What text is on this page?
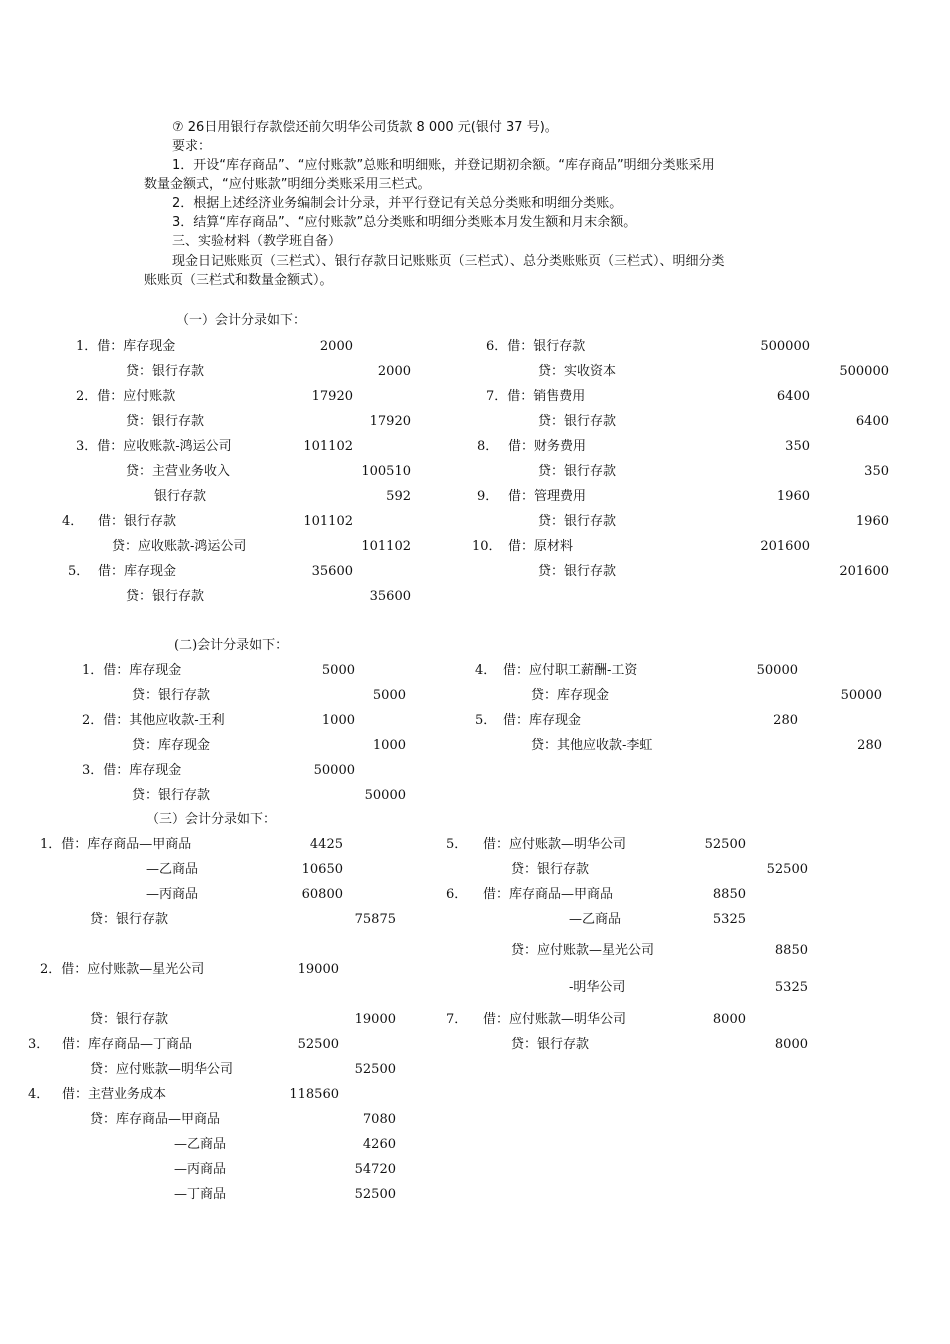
⑦ 26日用银行存款偿还前欠明华公司货款 8 000 元(银付 37 号)。
要求：
1．开设“库存商品”、“应付账款”总账和明细账，并登记期初余额。“库存商品”明细分类账采用
数量金额式，“应付账款”明细分类账采用三栏式。
2．根据上述经济业务编制会计分录，并平行登记有关总分类账和明细分类账。
3．结算“库存商品”、“应付账款”总分类账和明细分类账本月发生额和月末余额。
三、实验材料（教学班自备）
现金日记账账页（三栏式）、银行存款日记账账页（三栏式）、总分类账账页（三栏式）、明细分类
账账页（三栏式和数量金额式）。
（一）会计分录如下：
1．借：库存现金	2000
贷：银行存款	2000
2．借：应付账款	17920
贷：银行存款	17920
3．借：应收账款-鸿运公司	101102
贷：主营业务收入	100510
银行存款	592
4． 借：银行存款	101102
贷：应收账款-鸿运公司	101102
5． 借：库存现金	35600
贷：银行存款	35600
6．借：银行存款	500000
贷：实收资本	500000
7．借：销售费用	6400
贷：银行存款	6400
8． 借：财务费用	350
贷：银行存款	350
9． 借：管理费用	1960
贷：银行存款	1960
10． 借：原材料	201600
贷：银行存款	201600
(二)会计分录如下：
1．借：库存现金	5000
贷：银行存款	5000
2．借：其他应收款-王利	1000
贷：库存现金	1000
3．借：库存现金	50000
贷：银行存款	50000
4． 借：应付职工薪酬-工资	50000
贷：库存现金	50000
5． 借：库存现金	280
贷：其他应收款-李虹	280
（三）会计分录如下：
1．借：库存商品—甲商品	4425
—乙商品	10650
—丙商品	60800
贷：银行存款	75875
2．借：应付账款—星光公司	19000
贷：银行存款	19000
3． 借：库存商品—丁商品	52500
贷：应付账款—明华公司	52500
4． 借：主营业务成本	118560
贷：库存商品—甲商品	7080
—乙商品	4260
—丙商品	54720
—丁商品	52500
5． 借：应付账款—明华公司	52500
贷：银行存款	52500
6． 借：库存商品—甲商品	8850
—乙商品	5325
贷：应付账款—星光公司	8850
-明华公司	5325
7． 借：应付账款—明华公司	8000
贷：银行存款	8000
